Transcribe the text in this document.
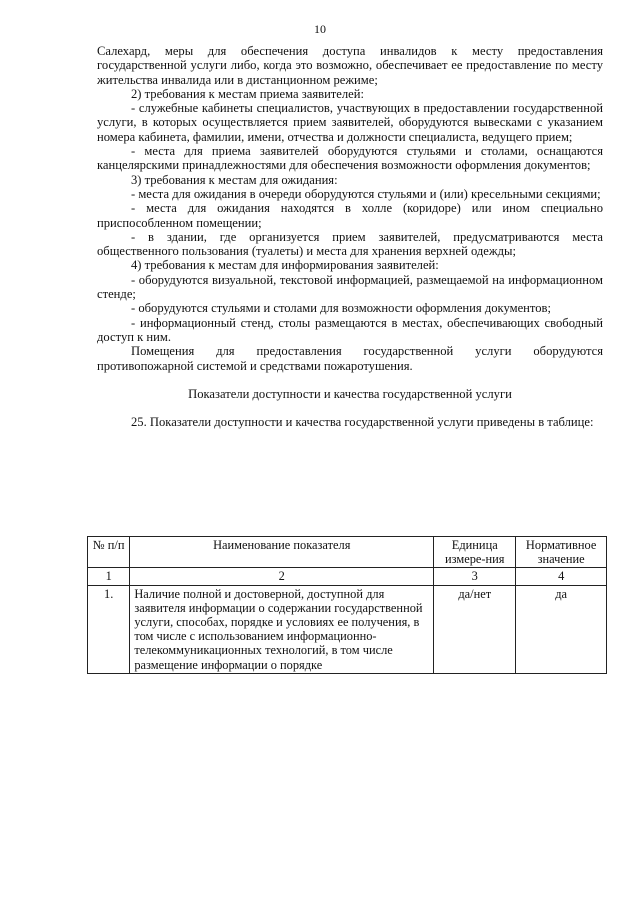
10

Салехард, меры для обеспечения доступа инвалидов к месту предоставления государственной услуги либо, когда это возможно, обеспечивает ее предоставление по месту жительства инвалида или в дистанционном режиме;

2) требования к местам приема заявителей:

- служебные кабинеты специалистов, участвующих в предоставлении государственной услуги, в которых осуществляется прием заявителей, оборудуются вывесками с указанием номера кабинета, фамилии, имени, отчества и должности специалиста, ведущего прием;

- места для приема заявителей оборудуются стульями и столами, оснащаются канцелярскими принадлежностями для обеспечения возможности оформления документов;

3) требования к местам для ожидания:

- места для ожидания в очереди оборудуются стульями и (или) кресельными секциями;

- места для ожидания находятся в холле (коридоре) или ином специально приспособленном помещении;

- в здании, где организуется прием заявителей, предусматриваются места общественного пользования (туалеты) и места для хранения верхней одежды;

4) требования к местам для информирования заявителей:

- оборудуются визуальной, текстовой информацией, размещаемой на информационном стенде;

- оборудуются стульями и столами для возможности оформления документов;

- информационный стенд, столы размещаются в местах, обеспечивающих свободный доступ к ним.

Помещения для предоставления государственной услуги оборудуются противопожарной системой и средствами пожаротушения.

Показатели доступности и качества государственной услуги

25. Показатели доступности и качества государственной услуги приведены в таблице:

№ п/п	Наименование показателя	Единица измере-ния	Нормативное значение
1	2	3	4
1.	Наличие полной и достоверной, доступной для заявителя информации о содержании государственной услуги, способах, порядке и условиях ее получения, в том числе с использованием информационно-телекоммуникационных технологий, в том числе размещение информации о порядке	да/нет	да
